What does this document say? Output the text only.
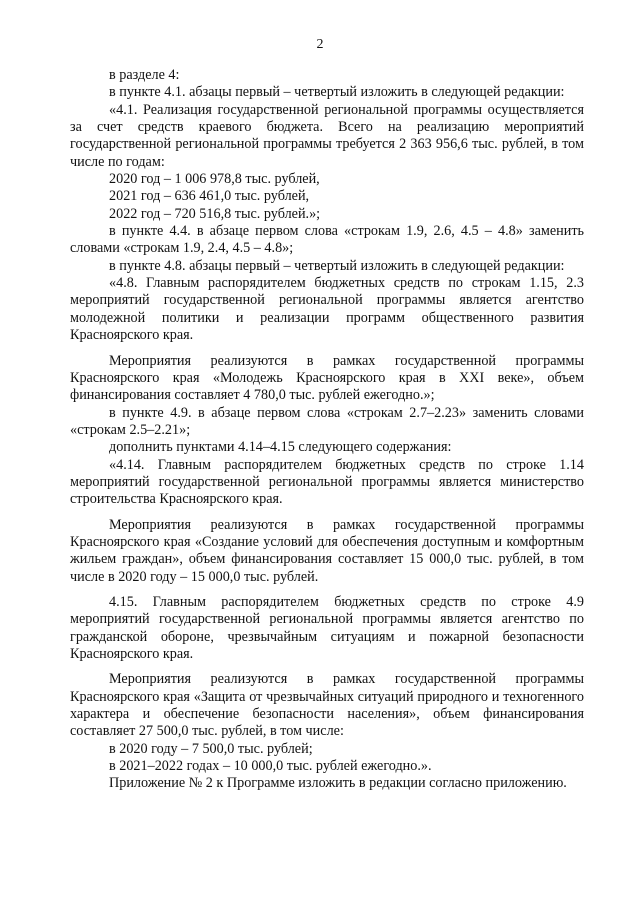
2

в разделе 4:

в пункте 4.1. абзацы первый – четвертый изложить в следующей редакции:

«4.1. Реализация государственной региональной программы осуществляется за счет средств краевого бюджета. Всего на реализацию мероприятий государственной региональной программы требуется 2 363 956,6 тыс. рублей, в том числе по годам:

2020 год – 1 006 978,8 тыс. рублей,

2021 год – 636 461,0 тыс. рублей,

2022 год – 720 516,8 тыс. рублей.»;

в пункте 4.4. в абзаце первом слова «строкам 1.9, 2.6, 4.5 – 4.8» заменить словами «строкам 1.9, 2.4, 4.5 – 4.8»;

в пункте 4.8. абзацы первый – четвертый изложить в следующей редакции:

«4.8. Главным распорядителем бюджетных средств по строкам 1.15, 2.3 мероприятий государственной региональной программы является агентство молодежной политики и реализации программ общественного развития Красноярского края.

Мероприятия реализуются в рамках государственной программы Красноярского края «Молодежь Красноярского края в XXI веке», объем финансирования составляет 4 780,0 тыс. рублей ежегодно.»;

в пункте 4.9. в абзаце первом слова «строкам 2.7–2.23» заменить словами «строкам 2.5–2.21»;

дополнить пунктами 4.14–4.15 следующего содержания:

«4.14. Главным распорядителем бюджетных средств по строке 1.14 мероприятий государственной региональной программы является министерство строительства Красноярского края.

Мероприятия реализуются в рамках государственной программы Красноярского края «Создание условий для обеспечения доступным и комфортным жильем граждан», объем финансирования составляет 15 000,0 тыс. рублей, в том числе в 2020 году – 15 000,0 тыс. рублей.

4.15. Главным распорядителем бюджетных средств по строке 4.9 мероприятий государственной региональной программы является агентство по гражданской обороне, чрезвычайным ситуациям и пожарной безопасности Красноярского края.

Мероприятия реализуются в рамках государственной программы Красноярского края «Защита от чрезвычайных ситуаций природного и техногенного характера и обеспечение безопасности населения», объем финансирования составляет 27 500,0 тыс. рублей, в том числе:

в 2020 году – 7 500,0 тыс. рублей;

в 2021–2022 годах – 10 000,0 тыс. рублей ежегодно.».

Приложение № 2 к Программе изложить в редакции согласно приложению.
